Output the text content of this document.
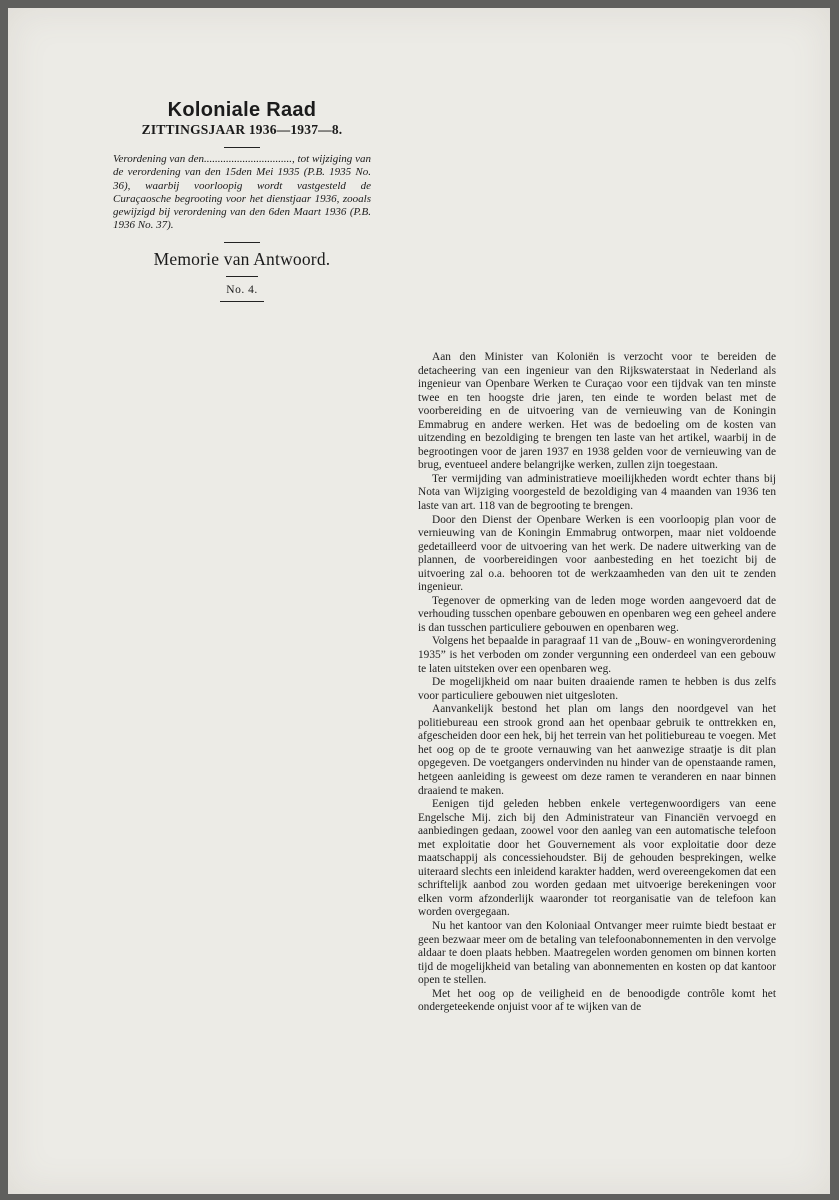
Koloniale Raad
ZITTINGSJAAR 1936—1937—8.
Verordening van den................................, tot wijziging van de verordening van den 15den Mei 1935 (P.B. 1935 No. 36), waarbij voorloopig wordt vastgesteld de Curaçaosche begrooting voor het dienstjaar 1936, zooals gewijzigd bij verordening van den 6den Maart 1936 (P.B. 1936 No. 37).
Memorie van Antwoord.
No. 4.

Aan den Minister van Koloniën is verzocht voor te bereiden de detacheering van een ingenieur van den Rijkswaterstaat in Nederland als ingenieur van Openbare Werken te Curaçao voor een tijdvak van ten minste twee en ten hoogste drie jaren, ten einde te worden belast met de voorbereiding en de uitvoering van de vernieuwing van de Koningin Emmabrug en andere werken. Het was de bedoeling om de kosten van uitzending en bezoldiging te brengen ten laste van het artikel, waarbij in de begrootingen voor de jaren 1937 en 1938 gelden voor de vernieuwing van de brug, eventueel andere belangrijke werken, zullen zijn toegestaan.

Ter vermijding van administratieve moeilijkheden wordt echter thans bij Nota van Wijziging voorgesteld de bezoldiging van 4 maanden van 1936 ten laste van art. 118 van de begrooting te brengen.

Door den Dienst der Openbare Werken is een voorloopig plan voor de vernieuwing van de Koningin Emmabrug ontworpen, maar niet voldoende gedetailleerd voor de uitvoering van het werk. De nadere uitwerking van de plannen, de voorbereidingen voor aanbesteding en het toezicht bij de uitvoering zal o.a. behooren tot de werkzaamheden van den uit te zenden ingenieur.

Tegenover de opmerking van de leden moge worden aangevoerd dat de verhouding tusschen openbare gebouwen en openbaren weg een geheel andere is dan tusschen particuliere gebouwen en openbaren weg.

Volgens het bepaalde in paragraaf 11 van de „Bouw- en woningverordening 1935” is het verboden om zonder vergunning een onderdeel van een gebouw te laten uitsteken over een openbaren weg.

De mogelijkheid om naar buiten draaiende ramen te hebben is dus zelfs voor particuliere gebouwen niet uitgesloten.

Aanvankelijk bestond het plan om langs den noordgevel van het politiebureau een strook grond aan het openbaar gebruik te onttrekken en, afgescheiden door een hek, bij het terrein van het politiebureau te voegen. Met het oog op de te groote vernauwing van het aanwezige straatje is dit plan opgegeven. De voetgangers ondervinden nu hinder van de openstaande ramen, hetgeen aanleiding is geweest om deze ramen te veranderen en naar binnen draaiend te maken.

Eenigen tijd geleden hebben enkele vertegenwoordigers van eene Engelsche Mij. zich bij den Administrateur van Financiën vervoegd en aanbiedingen gedaan, zoowel voor den aanleg van een automatische telefoon met exploitatie door het Gouvernement als voor exploitatie door deze maatschappij als concessiehoudster. Bij de gehouden besprekingen, welke uiteraard slechts een inleidend karakter hadden, werd overeengekomen dat een schriftelijk aanbod zou worden gedaan met uitvoerige berekeningen voor elken vorm afzonderlijk waaronder tot reorganisatie van de telefoon kan worden overgegaan.

Nu het kantoor van den Koloniaal Ontvanger meer ruimte biedt bestaat er geen bezwaar meer om de betaling van telefoonabonnementen in den vervolge aldaar te doen plaats hebben. Maatregelen worden genomen om binnen korten tijd de mogelijkheid van betaling van abonnementen en kosten op dat kantoor open te stellen.

Met het oog op de veiligheid en de benoodigde contrôle komt het ondergeteekende onjuist voor af te wijken van de
